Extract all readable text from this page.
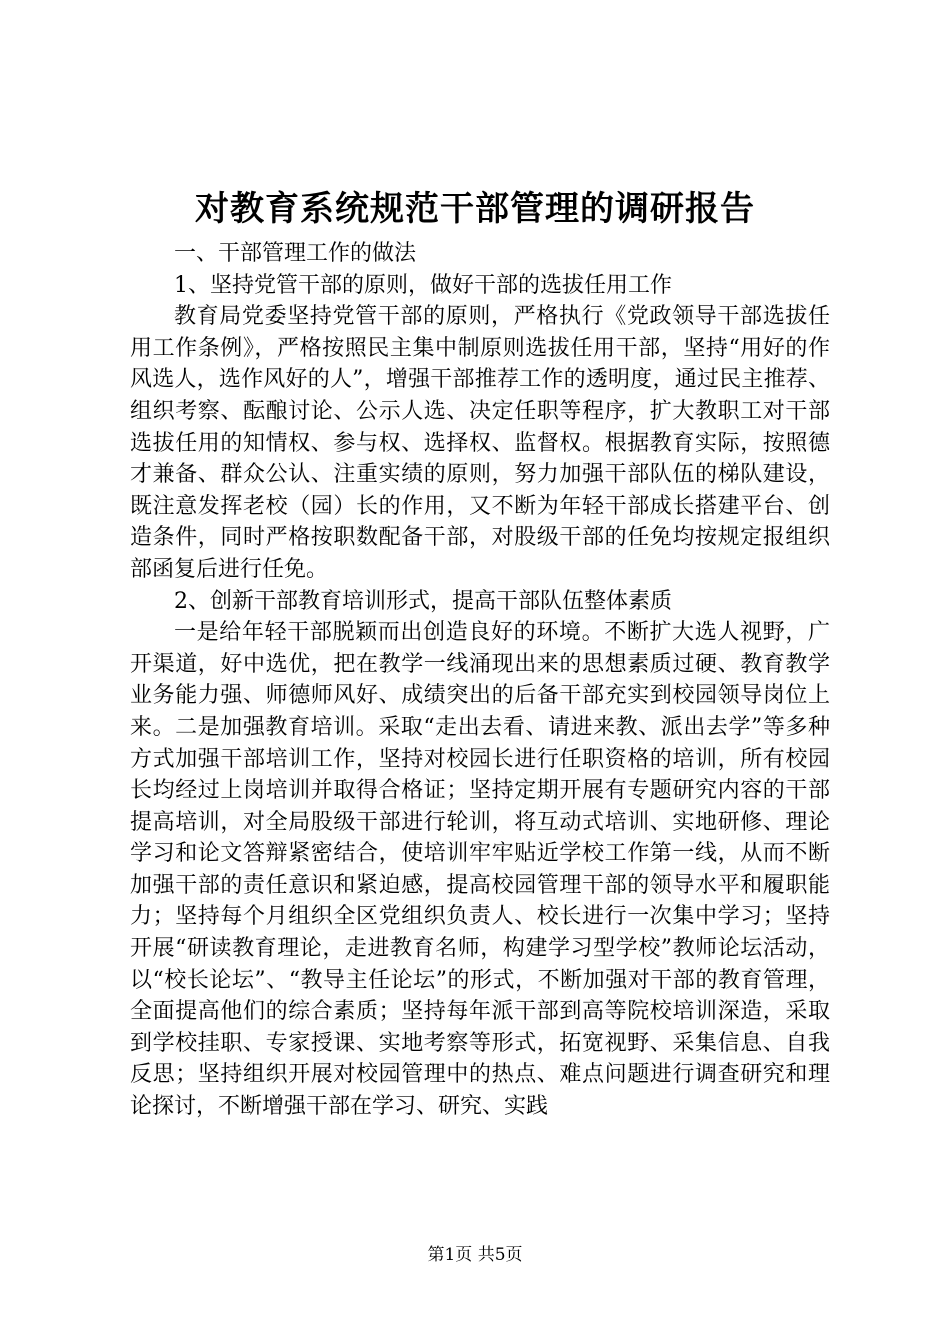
对教育系统规范干部管理的调研报告

一、干部管理工作的做法

1、坚持党管干部的原则，做好干部的选拔任用工作

教育局党委坚持党管干部的原则，严格执行《党政领导干部选拔任用工作条例》，严格按照民主集中制原则选拔任用干部，坚持“用好的作风选人，选作风好的人”，增强干部推荐工作的透明度，通过民主推荐、组织考察、酝酿讨论、公示人选、决定任职等程序，扩大教职工对干部选拔任用的知情权、参与权、选择权、监督权。根据教育实际，按照德才兼备、群众公认、注重实绩的原则，努力加强干部队伍的梯队建设，既注意发挥老校（园）长的作用，又不断为年轻干部成长搭建平台、创造条件，同时严格按职数配备干部，对股级干部的任免均按规定报组织部函复后进行任免。

2、创新干部教育培训形式，提高干部队伍整体素质

一是给年轻干部脱颖而出创造良好的环境。不断扩大选人视野，广开渠道，好中选优，把在教学一线涌现出来的思想素质过硬、教育教学业务能力强、师德师风好、成绩突出的后备干部充实到校园领导岗位上来。二是加强教育培训。采取“走出去看、请进来教、派出去学”等多种方式加强干部培训工作，坚持对校园长进行任职资格的培训，所有校园长均经过上岗培训并取得合格证；坚持定期开展有专题研究内容的干部提高培训，对全局股级干部进行轮训，将互动式培训、实地研修、理论学习和论文答辩紧密结合，使培训牢牢贴近学校工作第一线，从而不断加强干部的责任意识和紧迫感，提高校园管理干部的领导水平和履职能力；坚持每个月组织全区党组织负责人、校长进行一次集中学习；坚持开展“研读教育理论，走进教育名师，构建学习型学校”教师论坛活动，以“校长论坛”、“教导主任论坛”的形式，不断加强对干部的教育管理，全面提高他们的综合素质；坚持每年派干部到高等院校培训深造，采取到学校挂职、专家授课、实地考察等形式，拓宽视野、采集信息、自我反思；坚持组织开展对校园管理中的热点、难点问题进行调查研究和理论探讨，不断增强干部在学习、研究、实践

第1页 共5页
